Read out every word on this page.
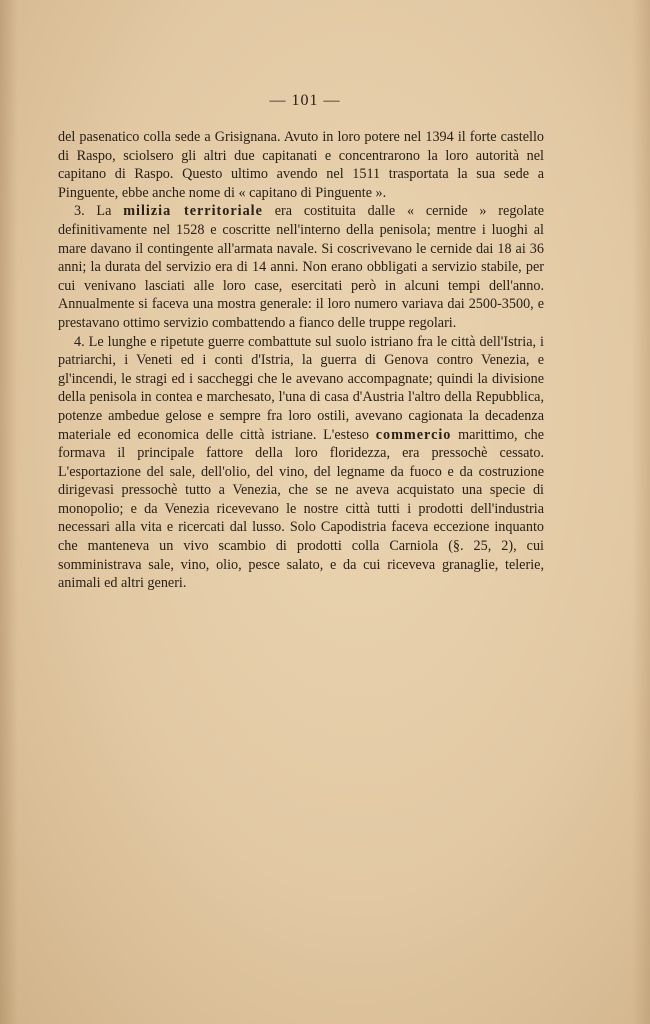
— 101 —

del pasenatico colla sede a Grisignana. Avuto in loro potere nel 1394 il forte castello di Raspo, sciolsero gli altri due capitanati e concentrarono la loro autorità nel capitano di Raspo. Questo ultimo avendo nel 1511 trasportata la sua sede a Pinguente, ebbe anche nome di « capitano di Pinguente ».

3. La milizia territoriale era costituita dalle « cernide » regolate definitivamente nel 1528 e coscritte nell'interno della penisola; mentre i luoghi al mare davano il contingente all'armata navale. Si coscrivevano le cernide dai 18 ai 36 anni; la durata del servizio era di 14 anni. Non erano obbligati a servizio stabile, per cui venivano lasciati alle loro case, esercitati però in alcuni tempi dell'anno. Annualmente si faceva una mostra generale: il loro numero variava dai 2500-3500, e prestavano ottimo servizio combattendo a fianco delle truppe regolari.

4. Le lunghe e ripetute guerre combattute sul suolo istriano fra le città dell'Istria, i patriarchi, i Veneti ed i conti d'Istria, la guerra di Genova contro Venezia, e gl'incendi, le stragi ed i saccheggi che le avevano accompagnate; quindi la divisione della penisola in contea e marchesato, l'una di casa d'Austria l'altro della Repubblica, potenze ambedue gelose e sempre fra loro ostili, avevano cagionata la decadenza materiale ed economica delle città istriane. L'esteso commercio marittimo, che formava il principale fattore della loro floridezza, era pressochè cessato. L'esportazione del sale, dell'olio, del vino, del legname da fuoco e da costruzione dirigevasi pressochè tutto a Venezia, che se ne aveva acquistato una specie di monopolio; e da Venezia ricevevano le nostre città tutti i prodotti dell'industria necessari alla vita e ricercati dal lusso. Solo Capodistria faceva eccezione inquanto che manteneva un vivo scambio di prodotti colla Carniola (§. 25, 2), cui somministrava sale, vino, olio, pesce salato, e da cui riceveva granaglie, telerie, animali ed altri generi.
